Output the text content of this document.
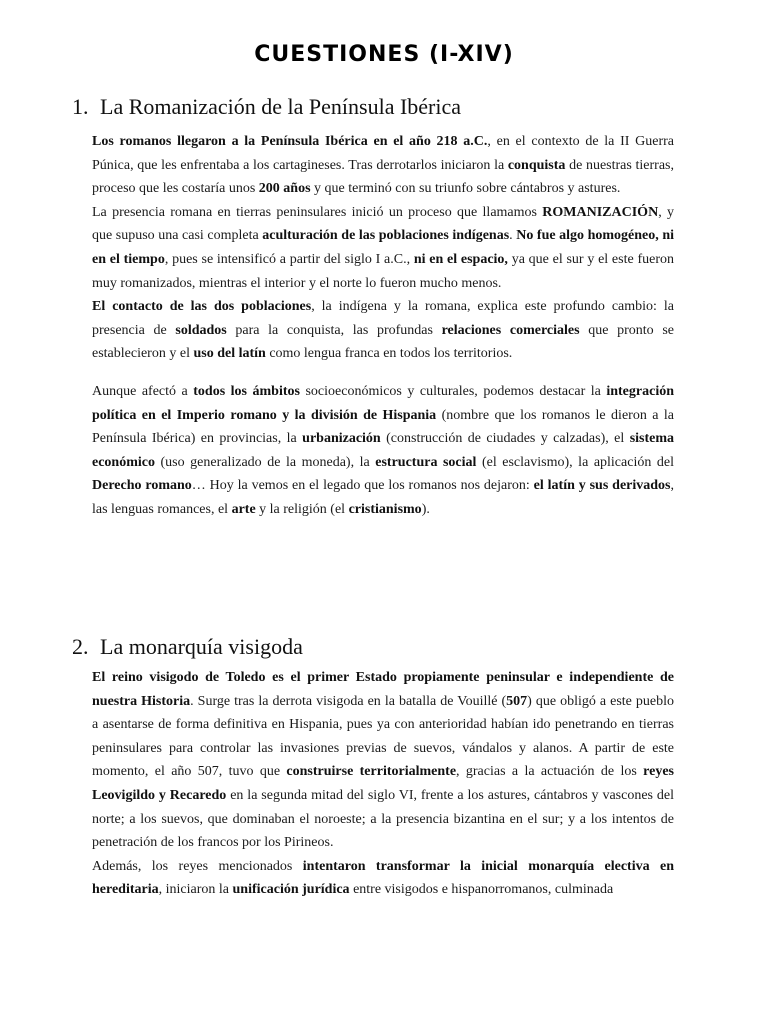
CUESTIONES (I-XIV)
1. La Romanización de la Península Ibérica

Los romanos llegaron a la Península Ibérica en el año 218 a.C., en el contexto de la II Guerra Púnica, que les enfrentaba a los cartagineses. Tras derrotarlos iniciaron la conquista de nuestras tierras, proceso que les costaría unos 200 años y que terminó con su triunfo sobre cántabros y astures.

La presencia romana en tierras peninsulares inició un proceso que llamamos ROMANIZACIÓN, y que supuso una casi completa aculturación de las poblaciones indígenas. No fue algo homogéneo, ni en el tiempo, pues se intensificó a partir del siglo I a.C., ni en el espacio, ya que el sur y el este fueron muy romanizados, mientras el interior y el norte lo fueron mucho menos.

El contacto de las dos poblaciones, la indígena y la romana, explica este profundo cambio: la presencia de soldados para la conquista, las profundas relaciones comerciales que pronto se establecieron y el uso del latín como lengua franca en todos los territorios.

Aunque afectó a todos los ámbitos socioeconómicos y culturales, podemos destacar la integración política en el Imperio romano y la división de Hispania (nombre que los romanos le dieron a la Península Ibérica) en provincias, la urbanización (construcción de ciudades y calzadas), el sistema económico (uso generalizado de la moneda), la estructura social (el esclavismo), la aplicación del Derecho romano… Hoy la vemos en el legado que los romanos nos dejaron: el latín y sus derivados, las lenguas romances, el arte y la religión (el cristianismo).

2. La monarquía visigoda

El reino visigodo de Toledo es el primer Estado propiamente peninsular e independiente de nuestra Historia. Surge tras la derrota visigoda en la batalla de Vouillé (507) que obligó a este pueblo a asentarse de forma definitiva en Hispania, pues ya con anterioridad habían ido penetrando en tierras peninsulares para controlar las invasiones previas de suevos, vándalos y alanos. A partir de este momento, el año 507, tuvo que construirse territorialmente, gracias a la actuación de los reyes Leovigildo y Recaredo en la segunda mitad del siglo VI, frente a los astures, cántabros y vascones del norte; a los suevos, que dominaban el noroeste; a la presencia bizantina en el sur; y a los intentos de penetración de los francos por los Pirineos.

Además, los reyes mencionados intentaron transformar la inicial monarquía electiva en hereditaria, iniciaron la unificación jurídica entre visigodos e hispanorromanos, culminada
